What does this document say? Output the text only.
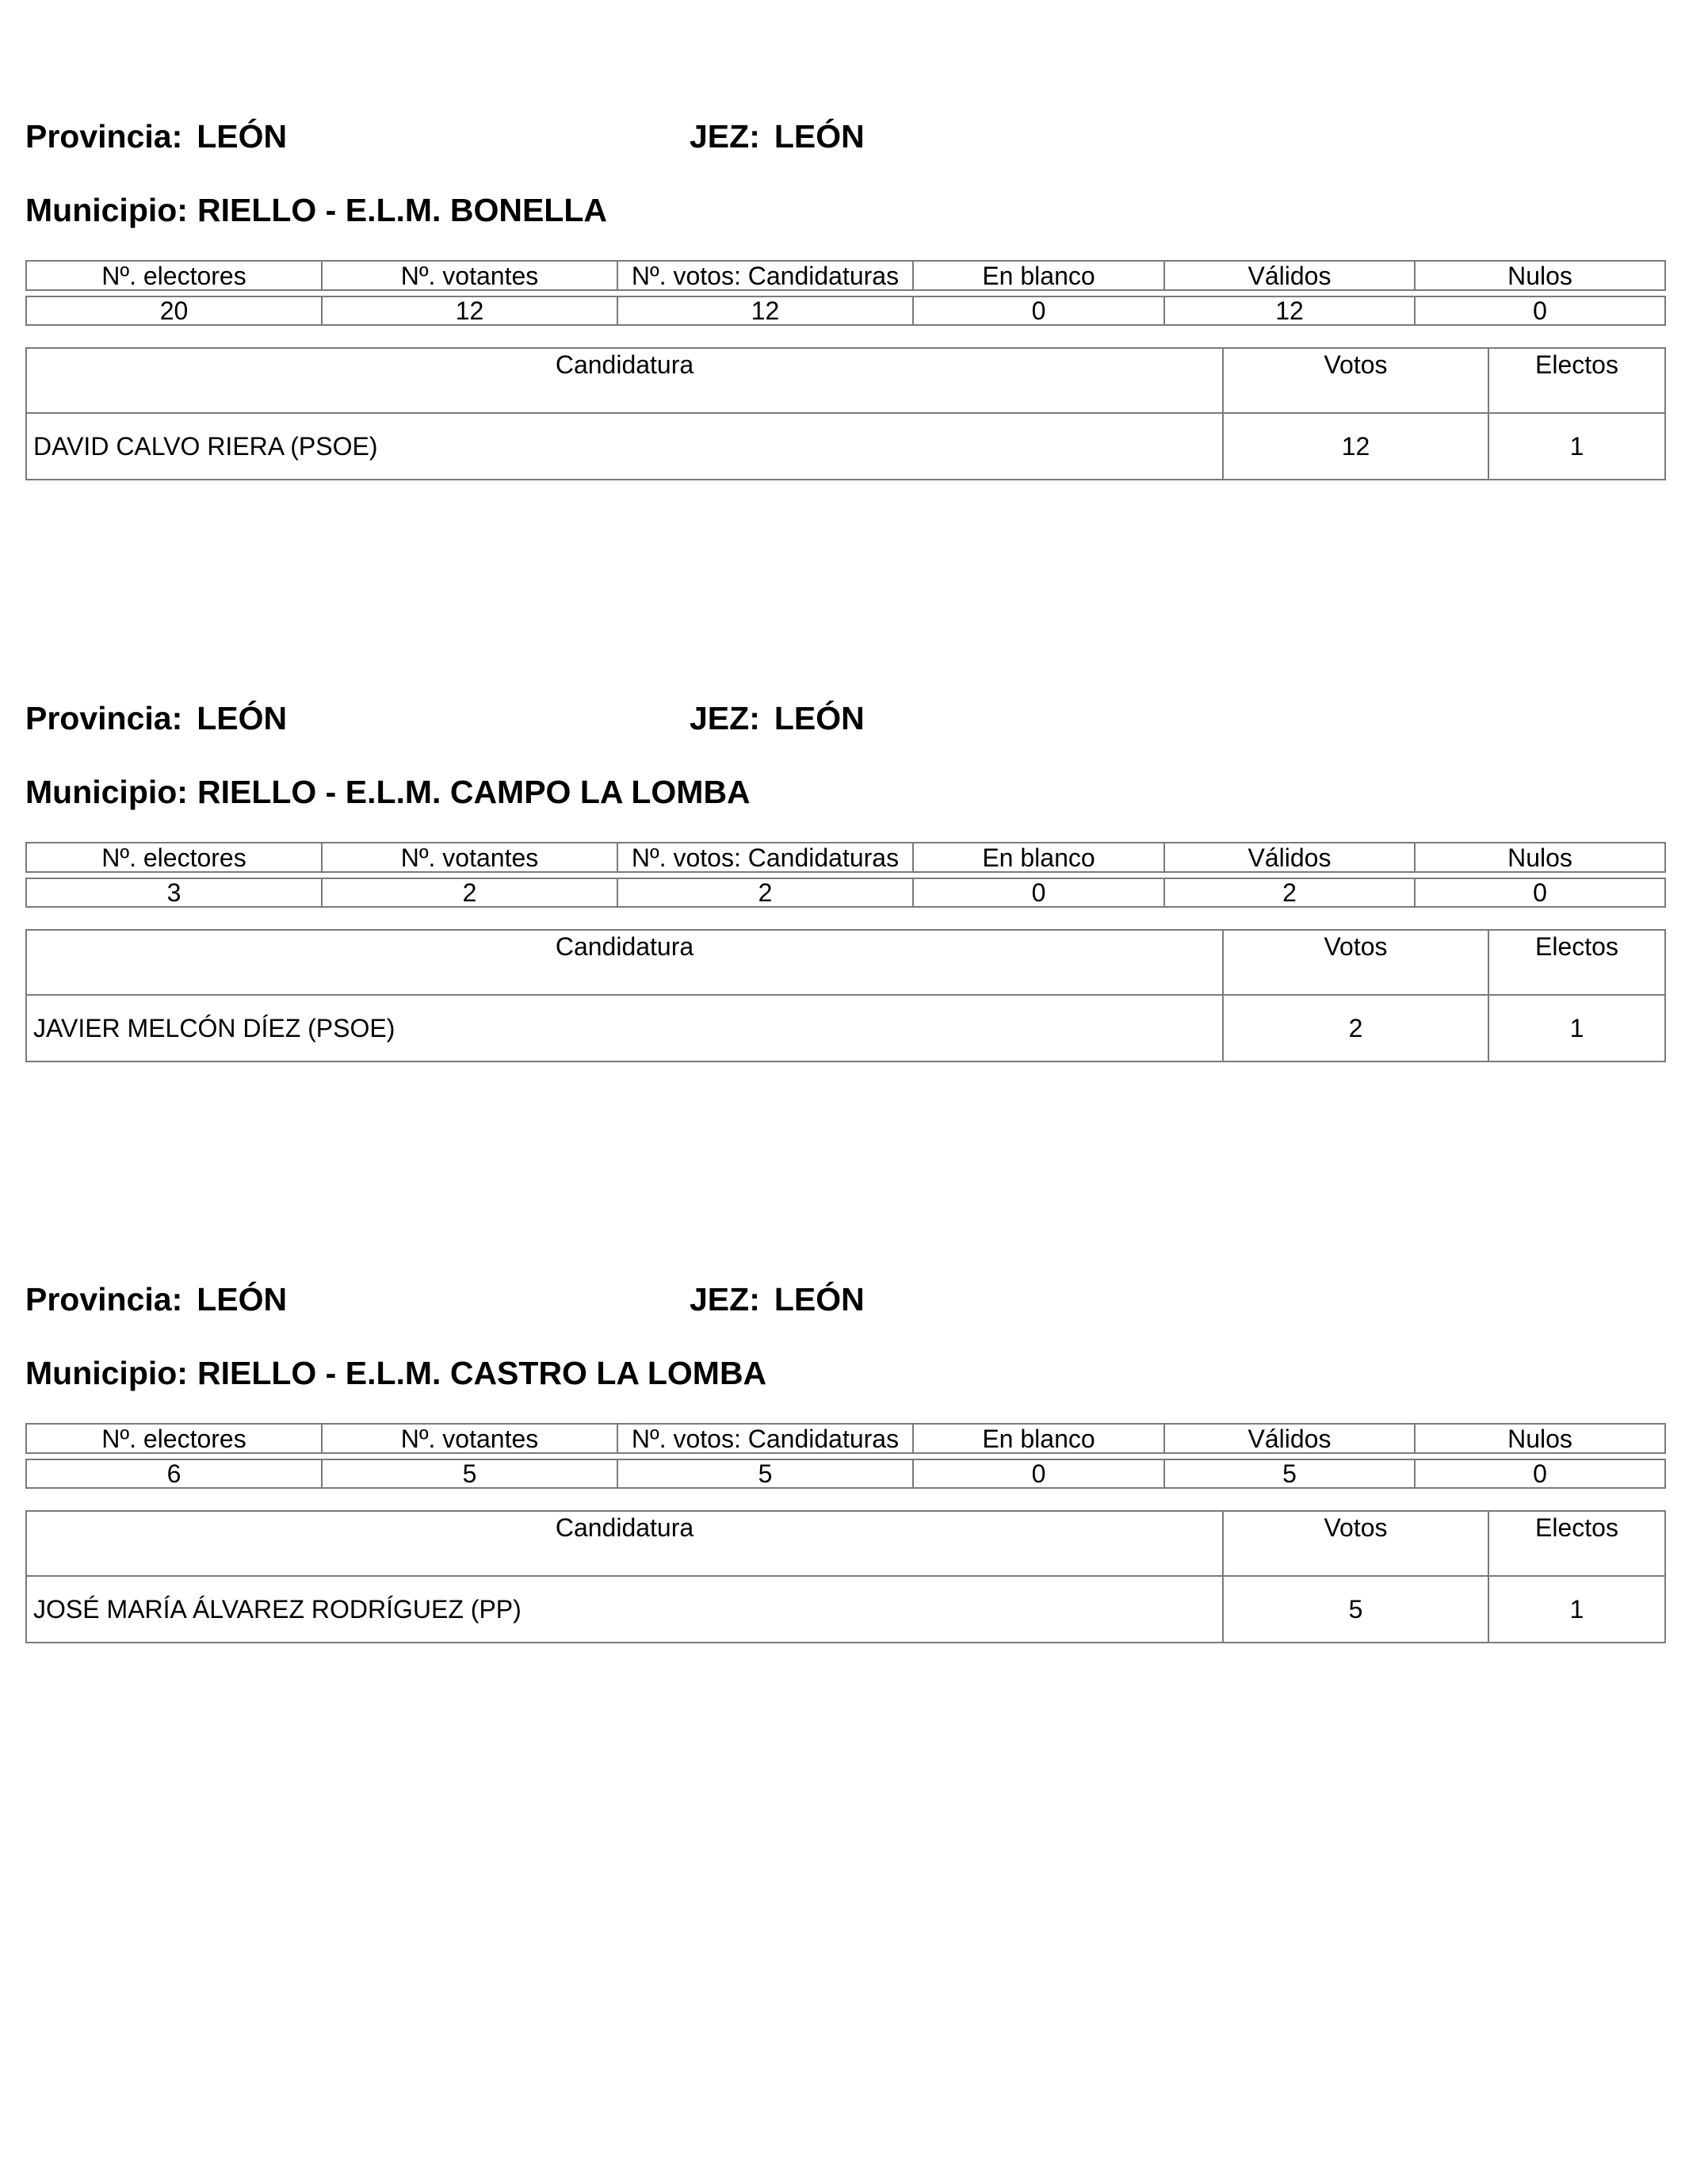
Provincia: LEÓN	JEZ: LEÓN
Municipio: RIELLO - E.L.M. BONELLA
Nº. electores	Nº. votantes	Nº. votos: Candidaturas	En blanco	Válidos	Nulos

20	12	12	0	12	0
Candidatura	Votos	Electos
DAVID CALVO RIERA (PSOE)	12	1
Provincia: LEÓN	JEZ: LEÓN
Municipio: RIELLO - E.L.M. CAMPO LA LOMBA
Nº. electores	Nº. votantes	Nº. votos: Candidaturas	En blanco	Válidos	Nulos

3	2	2	0	2	0
Candidatura	Votos	Electos
JAVIER MELCÓN DÍEZ (PSOE)	2	1
Provincia: LEÓN	JEZ: LEÓN
Municipio: RIELLO - E.L.M. CASTRO LA LOMBA
Nº. electores	Nº. votantes	Nº. votos: Candidaturas	En blanco	Válidos	Nulos

6	5	5	0	5	0
Candidatura	Votos	Electos
JOSÉ MARÍA ÁLVAREZ RODRÍGUEZ (PP)	5	1
